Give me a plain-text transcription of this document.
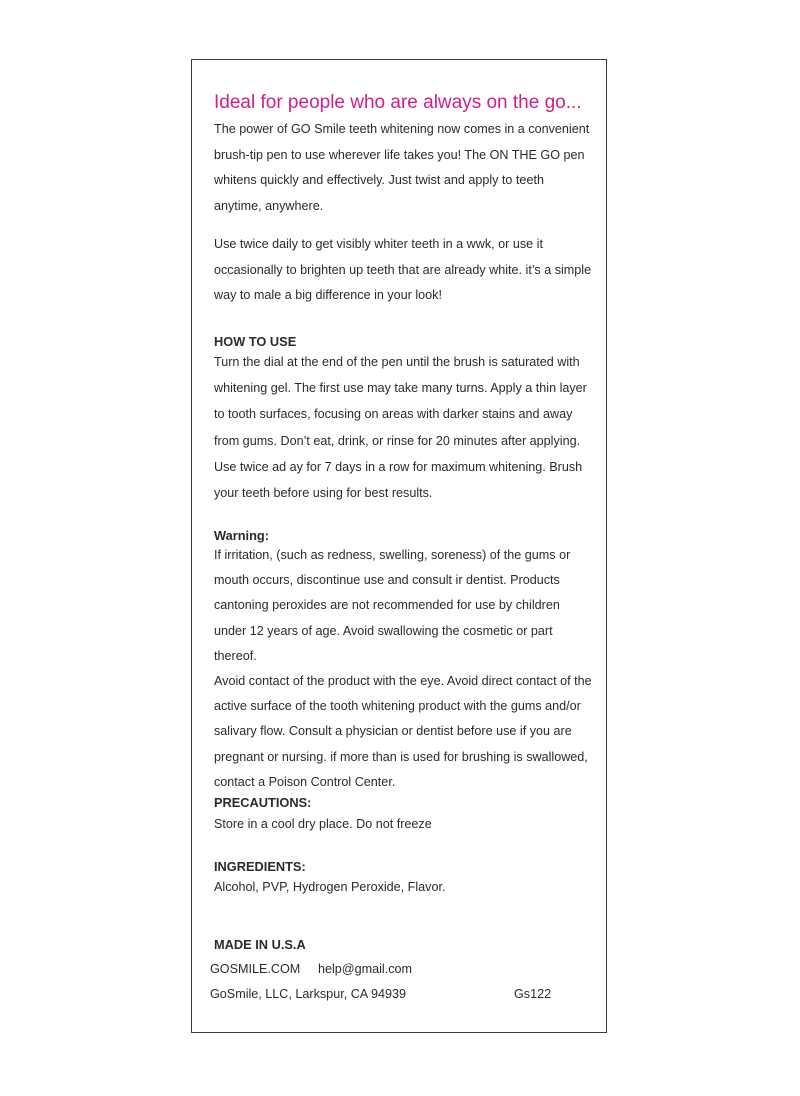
Ideal for people who are always on the go...
The power of GO Smile teeth whitening now comes in a convenient
brush-tip pen to use wherever life takes you! The ON THE GO pen
whitens quickly and effectively. Just twist and apply to teeth
anytime, anywhere.
Use twice daily to get visibly whiter teeth in a wwk, or use it
occasionally to brighten up teeth that are already white. it’s a simple
way to male a big difference in your look!
HOW TO USE
Turn the dial at the end of the pen until the brush is saturated with
whitening gel. The first use may take many turns. Apply a thin layer
to tooth surfaces, focusing on areas with darker stains and away
from gums. Don’t eat, drink, or rinse for 20 minutes after applying.
Use twice ad ay for 7 days in a row for maximum whitening. Brush
your teeth before using for best results.
Warning:
If irritation, (such as redness, swelling, soreness) of the gums or
mouth occurs, discontinue use and consult ir dentist. Products
cantoning peroxides are not recommended for use by children
under 12 years of age. Avoid swallowing the cosmetic or part thereof.
Avoid contact of the product with the eye. Avoid direct contact of the
active surface of the tooth whitening product with the gums and/or
salivary flow. Consult a physician or dentist before use if you are
pregnant or nursing. if more than is used for brushing is swallowed,
contact a Poison Control Center.
PRECAUTIONS:
Store in a cool dry place. Do not freeze
INGREDIENTS:
Alcohol, PVP, Hydrogen Peroxide, Flavor.
MADE IN U.S.A
GOSMILE.COM help@gmail.com
GoSmile, LLC, Larkspur, CA 94939	Gs122
